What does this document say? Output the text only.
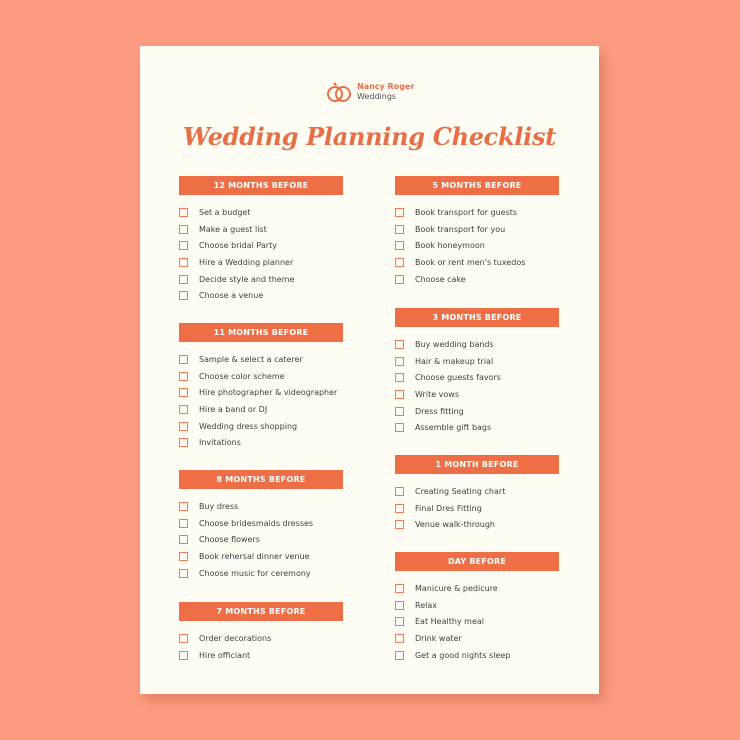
Nancy Roger
Weddings
Wedding Planning Checklist
12 MONTHS BEFORE
Set a budget
Make a guest list
Choose bridal Party
Hire a Wedding planner
Decide style and theme
Choose a venue
11 MONTHS BEFORE
Sample & select a caterer
Choose color scheme
Hire photographer & videographer
Hire a band or DJ
Wedding dress shopping
Invitations
8 MONTHS BEFORE
Buy dress
Choose bridesmaids dresses
Choose flowers
Book rehersal dinner venue
Choose music for ceremony
7 MONTHS BEFORE
Order decorations
Hire officiant
5 MONTHS BEFORE
Book transport for guests
Book transport for you
Book honeymoon
Book or rent men's tuxedos
Choose cake
3 MONTHS BEFORE
Buy wedding bands
Hair & makeup trial
Choose guests favors
Write vows
Dress fitting
Assemble gift bags
1 MONTH BEFORE
Creating Seating chart
Final Dres Fitting
Venue walk-through
DAY BEFORE
Manicure & pedicure
Relax
Eat Healthy meal
Drink water
Get a good nights sleep
